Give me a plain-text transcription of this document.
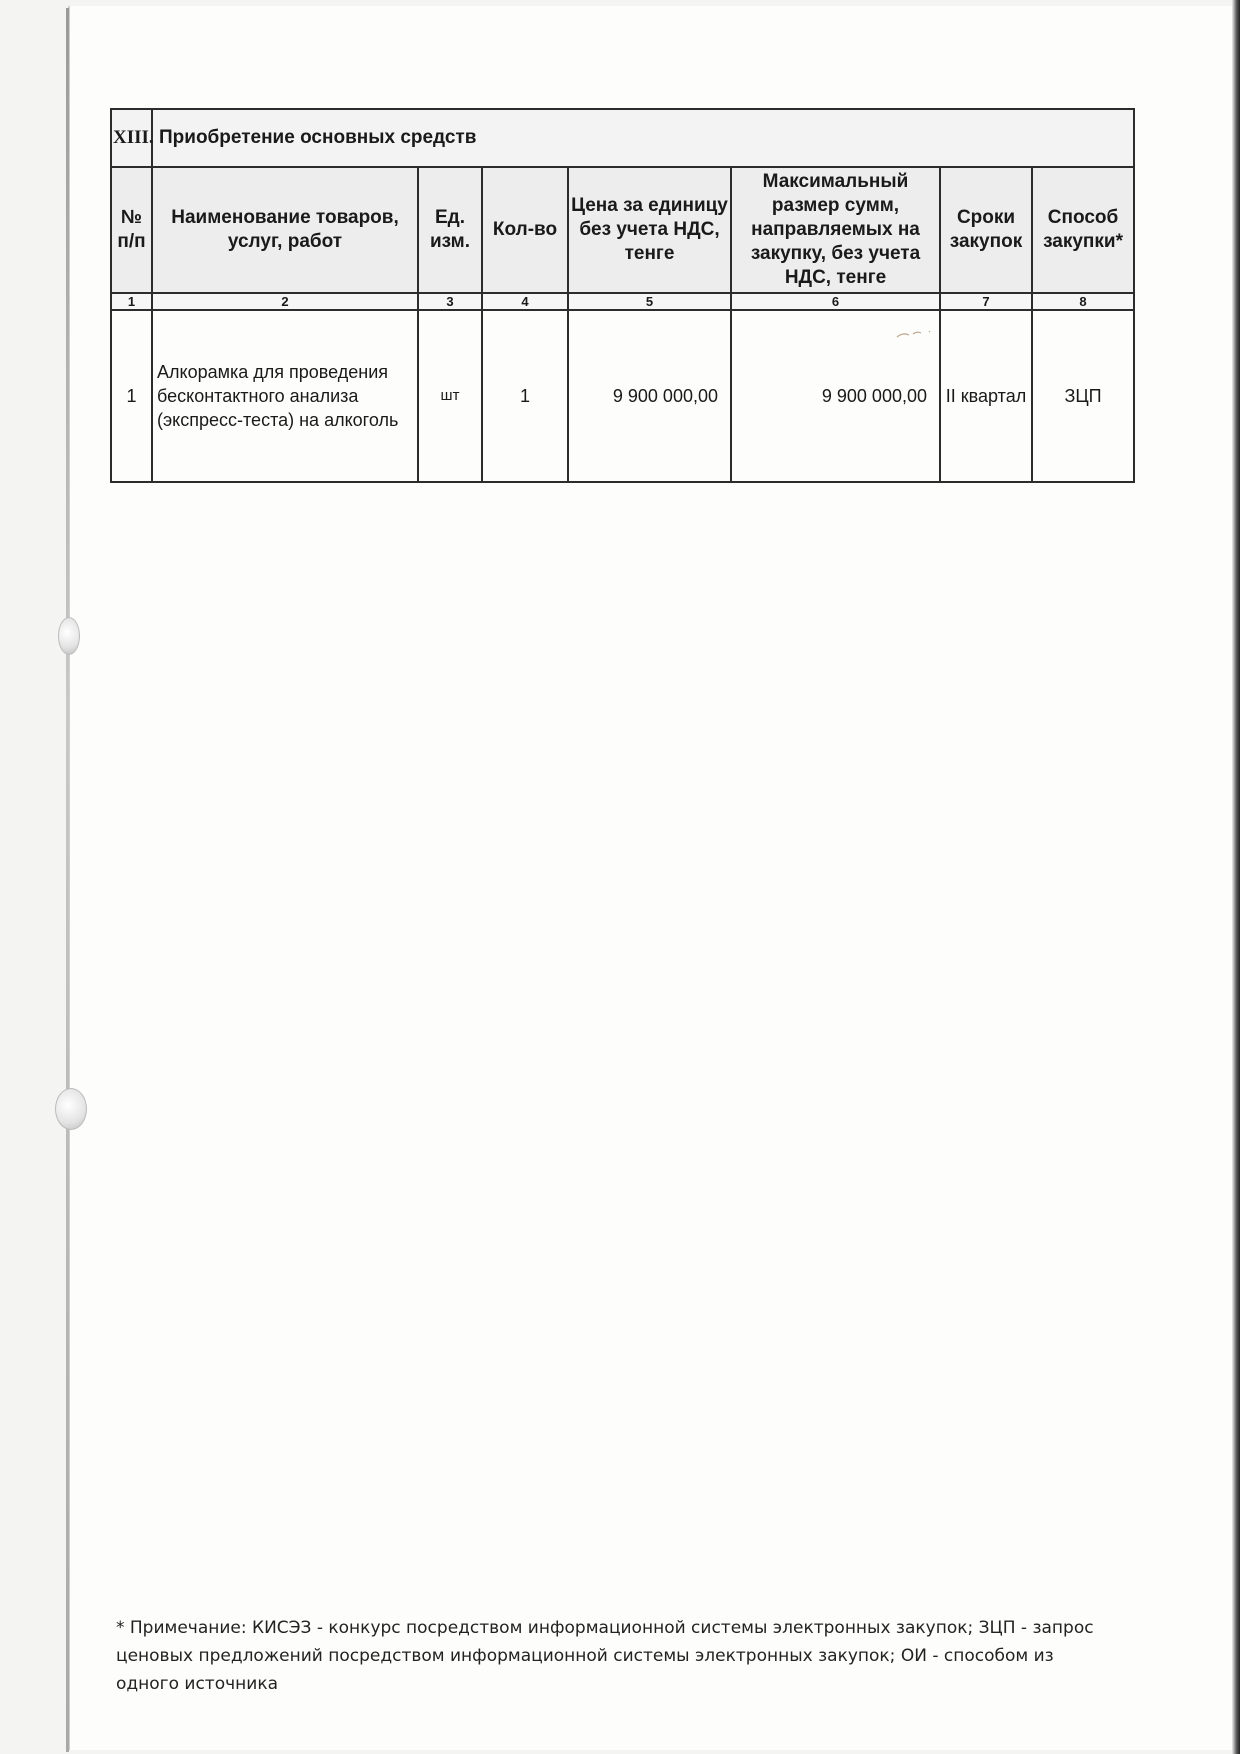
XIII.	Приобретение основных средств						
№ п/п	Наименование товаров, услуг, работ	Ед. изм.	Кол-во	Цена за единицу без учета НДС, тенге	Максимальный размер сумм, направляемых на закупку, без учета НДС, тенге	Сроки закупок	Способ закупки*
1	2	3	4	5	6	7	8
1	Алкорамка для проведения бесконтактного анализа (экспресс-теста) на алкоголь	шт	1	9 900 000,00	9 900 000,00	II квартал	ЗЦП
* Примечание: КИСЭЗ - конкурс посредством информационной системы электронных закупок; ЗЦП - запрос ценовых предложений посредством информационной системы электронных закупок; ОИ - способом из одного источника
